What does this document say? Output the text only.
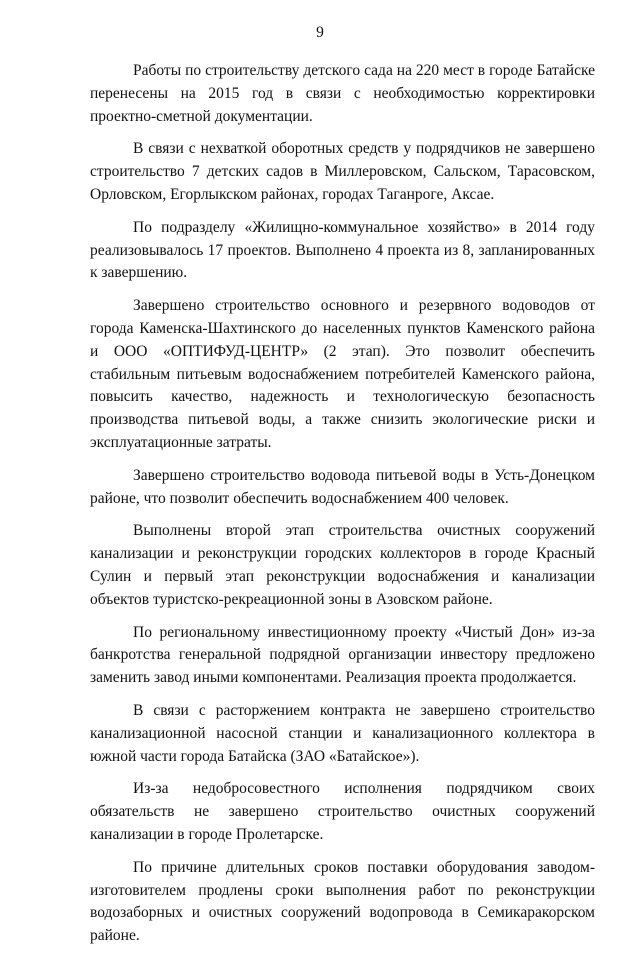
9

Работы по строительству детского сада на 220 мест в городе Батайске перенесены на 2015 год в связи с необходимостью корректировки проектно-сметной документации.

В связи с нехваткой оборотных средств у подрядчиков не завершено строительство 7 детских садов в Миллеровском, Сальском, Тарасовском, Орловском, Егорлыкском районах, городах Таганроге, Аксае.

По подразделу «Жилищно-коммунальное хозяйство» в 2014 году реализовывалось 17 проектов. Выполнено 4 проекта из 8, запланированных к завершению.

Завершено строительство основного и резервного водоводов от города Каменска-Шахтинского до населенных пунктов Каменского района и ООО «ОПТИФУД-ЦЕНТР» (2 этап). Это позволит обеспечить стабильным питьевым водоснабжением потребителей Каменского района, повысить качество, надежность и технологическую безопасность производства питьевой воды, а также снизить экологические риски и эксплуатационные затраты.

Завершено строительство водовода питьевой воды в Усть-Донецком районе, что позволит обеспечить водоснабжением 400 человек.

Выполнены второй этап строительства очистных сооружений канализации и реконструкции городских коллекторов в городе Красный Сулин и первый этап реконструкции водоснабжения и канализации объектов туристско-рекреационной зоны в Азовском районе.

По региональному инвестиционному проекту «Чистый Дон» из-за банкротства генеральной подрядной организации инвестору предложено заменить завод иными компонентами. Реализация проекта продолжается.

В связи с расторжением контракта не завершено строительство канализационной насосной станции и канализационного коллектора в южной части города Батайска (ЗАО «Батайское»).

Из-за недобросовестного исполнения подрядчиком своих обязательств не завершено строительство очистных сооружений канализации в городе Пролетарске.

По причине длительных сроков поставки оборудования заводом-изготовителем продлены сроки выполнения работ по реконструкции водозаборных и очистных сооружений водопровода в Семикаракорском районе.
